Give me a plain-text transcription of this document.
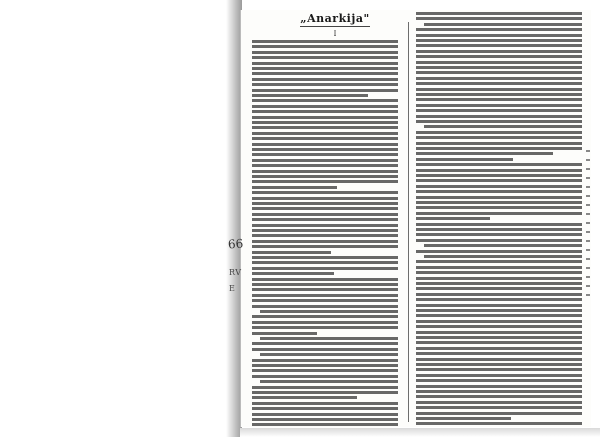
„Anarkija"
I
66
RV
E
